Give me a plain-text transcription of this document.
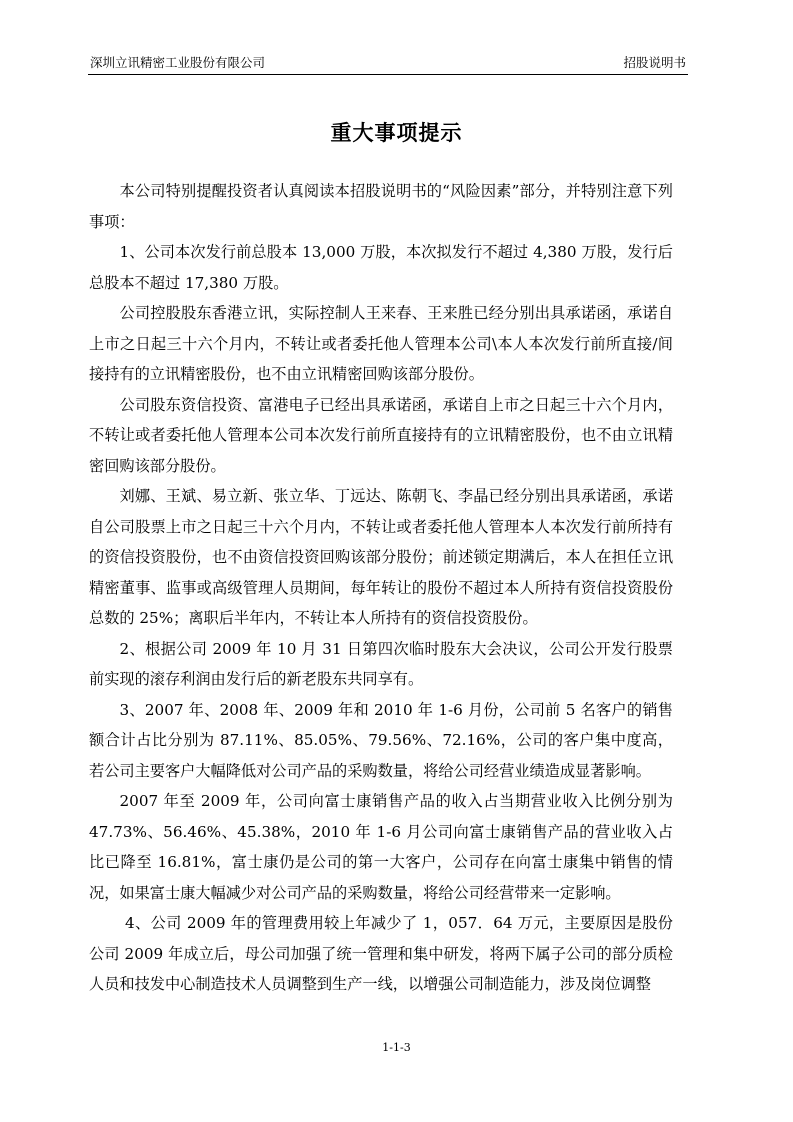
深圳立讯精密工业股份有限公司	招股说明书
重大事项提示

本公司特别提醒投资者认真阅读本招股说明书的“风险因素”部分，并特别注意下列事项：

1、公司本次发行前总股本 13,000 万股，本次拟发行不超过 4,380 万股，发行后总股本不超过 17,380 万股。

公司控股股东香港立讯，实际控制人王来春、王来胜已经分别出具承诺函，承诺自上市之日起三十六个月内，不转让或者委托他人管理本公司\本人本次发行前所直接/间接持有的立讯精密股份，也不由立讯精密回购该部分股份。

公司股东资信投资、富港电子已经出具承诺函，承诺自上市之日起三十六个月内，不转让或者委托他人管理本公司本次发行前所直接持有的立讯精密股份，也不由立讯精密回购该部分股份。

刘娜、王斌、易立新、张立华、丁远达、陈朝飞、李晶已经分别出具承诺函，承诺自公司股票上市之日起三十六个月内，不转让或者委托他人管理本人本次发行前所持有的资信投资股份，也不由资信投资回购该部分股份；前述锁定期满后，本人在担任立讯精密董事、监事或高级管理人员期间，每年转让的股份不超过本人所持有资信投资股份总数的 25%；离职后半年内，不转让本人所持有的资信投资股份。

2、根据公司 2009 年 10 月 31 日第四次临时股东大会决议，公司公开发行股票前实现的滚存利润由发行后的新老股东共同享有。

3、2007 年、2008 年、2009 年和 2010 年 1-6 月份，公司前 5 名客户的销售额合计占比分别为 87.11%、85.05%、79.56%、72.16%，公司的客户集中度高，若公司主要客户大幅降低对公司产品的采购数量，将给公司经营业绩造成显著影响。

2007 年至 2009 年，公司向富士康销售产品的收入占当期营业收入比例分别为 47.73%、56.46%、45.38%，2010 年 1-6 月公司向富士康销售产品的营业收入占比已降至 16.81%，富士康仍是公司的第一大客户，公司存在向富士康集中销售的情况，如果富士康大幅减少对公司产品的采购数量，将给公司经营带来一定影响。

4、公司 2009 年的管理费用较上年减少了 1，057．64 万元，主要原因是股份公司 2009 年成立后，母公司加强了统一管理和集中研发，将两下属子公司的部分质检人员和技发中心制造技术人员调整到生产一线，以增强公司制造能力，涉及岗位调整

1-1-3
